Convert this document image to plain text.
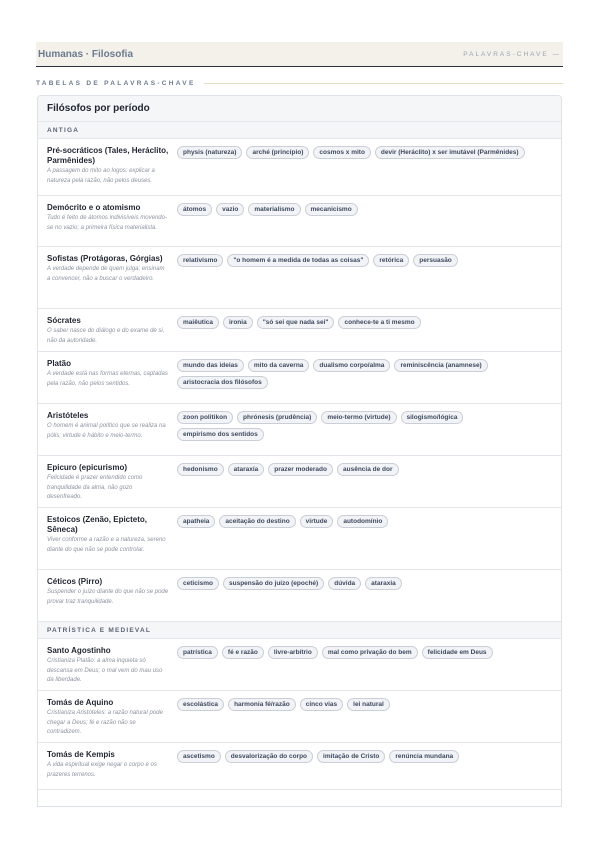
Humanas · Filosofia	PALAVRAS-CHAVE —
TABELAS DE PALAVRAS-CHAVE
Filósofos por período
ANTIGA
Pré-socráticos (Tales, Heráclito, Parmênides)
A passagem do mito ao logos: explicar a natureza pela razão, não pelos deuses.
physis (natureza)	arché (princípio)	cosmos x mito	devir (Heráclito) x ser imutável (Parmênides)
Demócrito e o atomismo
Tudo é feito de átomos indivisíveis movendo-se no vazio; a primeira física materialista.
átomos	vazio	materialismo	mecanicismo
Sofistas (Protágoras, Górgias)
A verdade depende de quem julga; ensinam a convencer, não a buscar o verdadeiro.
relativismo	"o homem é a medida de todas as coisas"	retórica	persuasão
Sócrates
O saber nasce do diálogo e do exame de si, não da autoridade.
maiêutica	ironia	"só sei que nada sei"	conhece-te a ti mesmo
Platão
A verdade está nas formas eternas, captadas pela razão, não pelos sentidos.
mundo das ideias	mito da caverna	dualismo corpo/alma	reminiscência (anamnese)
aristocracia dos filósofos
Aristóteles
O homem é animal político que se realiza na pólis; virtude é hábito e meio-termo.
zoon politikon	phrónesis (prudência)	meio-termo (virtude)	silogismo/lógica
empirismo dos sentidos
Epicuro (epicurismo)
Felicidade é prazer entendido como tranquilidade da alma, não gozo desenfreado.
hedonismo	ataraxia	prazer moderado	ausência de dor
Estoicos (Zenão, Epicteto, Sêneca)
Viver conforme a razão e a natureza, sereno diante do que não se pode controlar.
apatheia	aceitação do destino	virtude	autodomínio
Céticos (Pirro)
Suspender o juízo diante do que não se pode provar traz tranquilidade.
ceticismo	suspensão do juízo (epoché)	dúvida	ataraxia
PATRÍSTICA E MEDIEVAL
Santo Agostinho
Cristianiza Platão: a alma inquieta só descansa em Deus; o mal vem do mau uso da liberdade.
patrística	fé e razão	livre-arbítrio	mal como privação do bem	felicidade em Deus
Tomás de Aquino
Cristianiza Aristóteles: a razão natural pode chegar a Deus; fé e razão não se contradizem.
escolástica	harmonia fé/razão	cinco vias	lei natural
Tomás de Kempis
A vida espiritual exige negar o corpo e os prazeres terrenos.
ascetismo	desvalorização do corpo	imitação de Cristo	renúncia mundana
